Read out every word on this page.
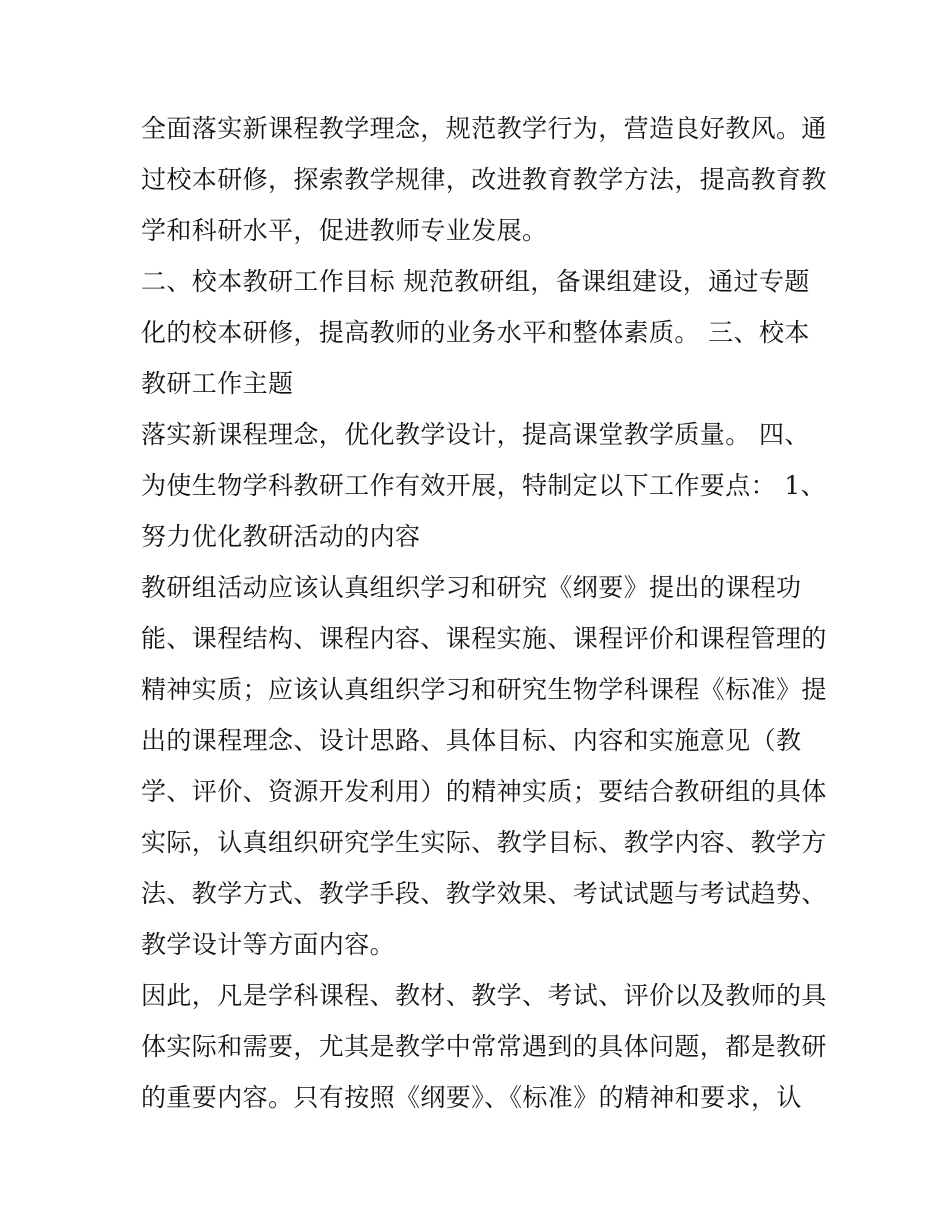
全面落实新课程教学理念，规范教学行为，营造良好教风。通
过校本研修，探索教学规律，改进教育教学方法，提高教育教
学和科研水平，促进教师专业发展。
二、校本教研工作目标 规范教研组，备课组建设，通过专题
化的校本研修，提高教师的业务水平和整体素质。 三、校本
教研工作主题
落实新课程理念，优化教学设计，提高课堂教学质量。 四、
为使生物学科教研工作有效开展，特制定以下工作要点： 1、
努力优化教研活动的内容
教研组活动应该认真组织学习和研究《纲要》提出的课程功
能、课程结构、课程内容、课程实施、课程评价和课程管理的
精神实质；应该认真组织学习和研究生物学科课程《标准》提
出的课程理念、设计思路、具体目标、内容和实施意见（教
学、评价、资源开发利用）的精神实质；要结合教研组的具体
实际，认真组织研究学生实际、教学目标、教学内容、教学方
法、教学方式、教学手段、教学效果、考试试题与考试趋势、
教学设计等方面内容。
因此，凡是学科课程、教材、教学、考试、评价以及教师的具
体实际和需要，尤其是教学中常常遇到的具体问题，都是教研
的重要内容。只有按照《纲要》、《标准》的精神和要求，认
